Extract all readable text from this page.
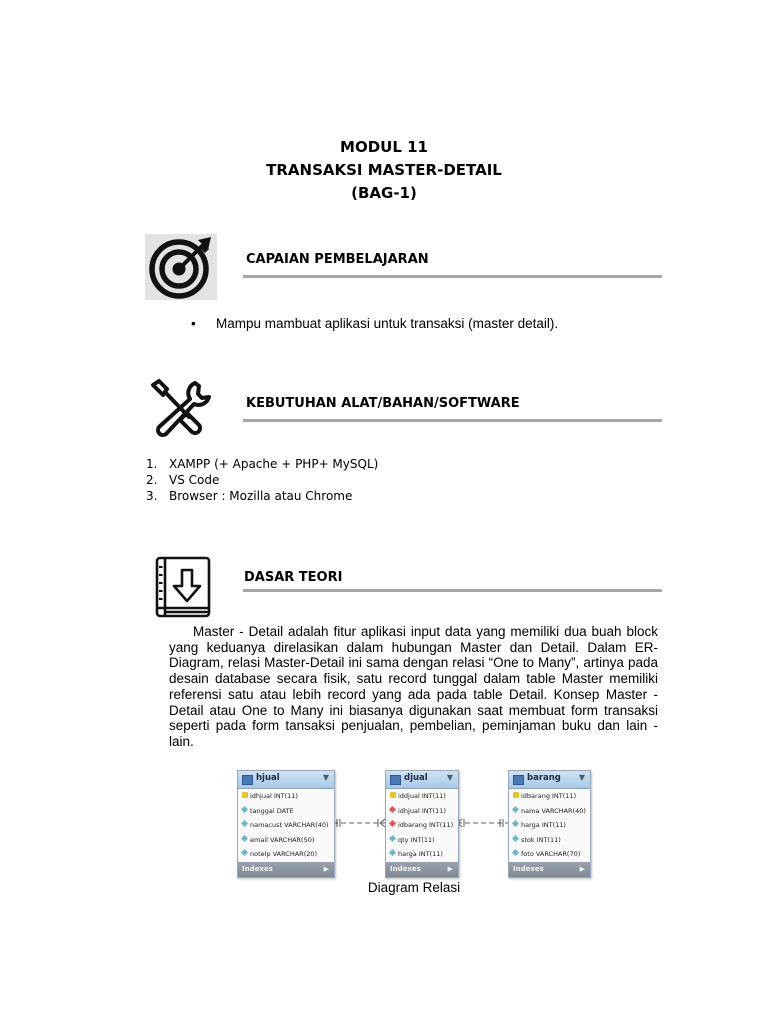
MODUL 11
TRANSAKSI MASTER-DETAIL
(BAG-1)
CAPAIAN PEMBELAJARAN
• Mampu mambuat aplikasi untuk transaksi (master detail).
KEBUTUHAN ALAT/BAHAN/SOFTWARE
1. XAMPP (+ Apache + PHP+ MySQL)
2. VS Code
3. Browser : Mozilla atau Chrome
DASAR TEORI

Master - Detail adalah fitur aplikasi input data yang memiliki dua buah block yang keduanya direlasikan dalam hubungan Master dan Detail. Dalam ER-Diagram, relasi Master-Detail ini sama dengan relasi “One to Many”, artinya pada desain database secara fisik, satu record tunggal dalam table Master memiliki referensi satu atau lebih record yang ada pada table Detail. Konsep Master - Detail atau One to Many ini biasanya digunakan saat membuat form transaksi seperti pada form tansaksi penjualan, pembelian, peminjaman buku dan lain - lain.

hjual	▼
idhjual INT(11)
tanggal DATE
namacust VARCHAR(40)
email VARCHAR(50)
notelp VARCHAR(20)
Indexes	▶
djual ▼
iddjual INT(11)
idhjual INT(11)
idbarang INT(11)
qty INT(11)
harga INT(11)
Indexes	▶
barang ▼
idbarang INT(11)
nama VARCHAR(40)
harga INT(11)
stok INT(11)
foto VARCHAR(70)
Indexes	▶
Diagram Relasi
